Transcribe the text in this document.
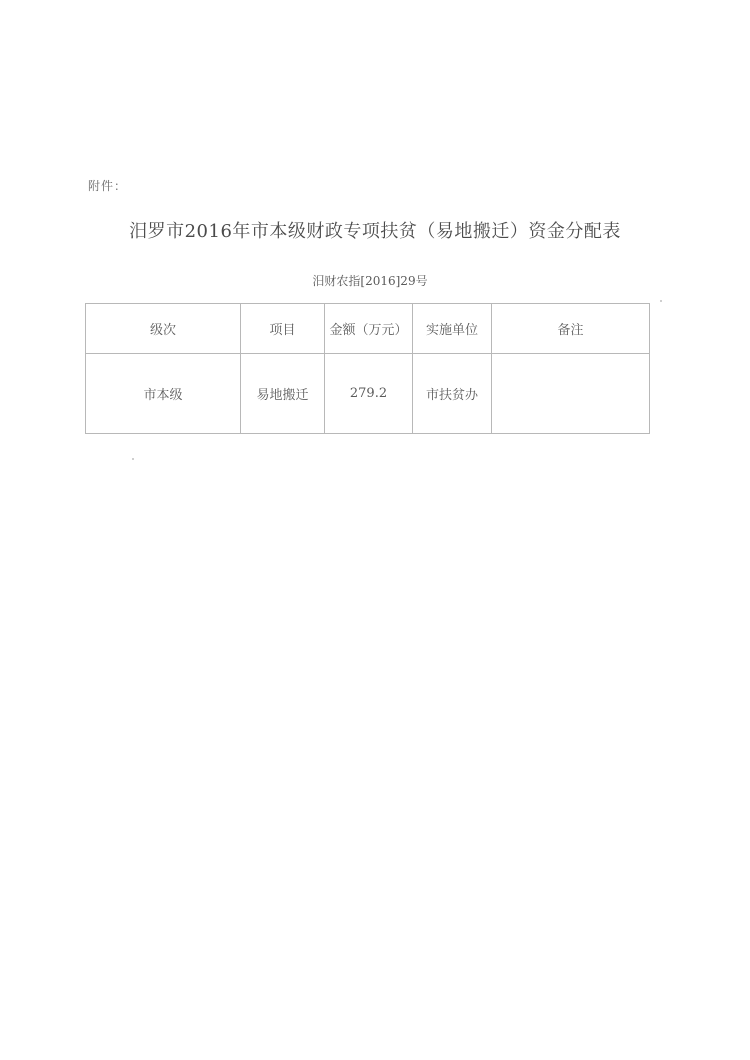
附件：
汨罗市2016年市本级财政专项扶贫（易地搬迁）资金分配表
汨财农指[2016]29号
级次	项目	金额（万元）	实施单位	备注
市本级	易地搬迁	279.2	市扶贫办	
